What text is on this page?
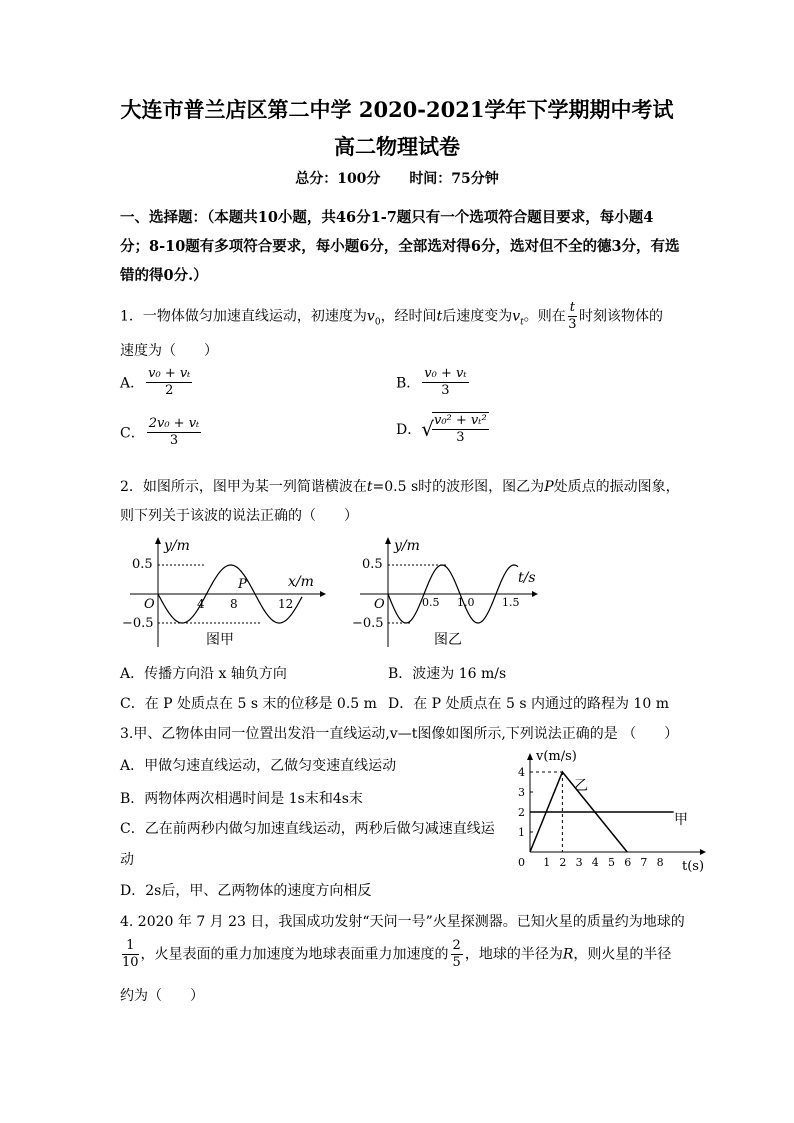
大连市普兰店区第二中学 2020-2021学年下学期期中考试
高二物理试卷
总分：100分 时间：75分钟
一、选择题：（本题共10小题，共46分1-7题只有一个选项符合题目要求，每小题4分；8-10题有多项符合要求，每小题6分，全部选对得6分，选对但不全的德3分，有选错的得0分.）
1．一物体做匀加速直线运动，初速度为$v_0$，经时间t后速度变为$v_t$。则在 $\frac{t}{3}$ 时刻该物体的
速度为（　　）
A． $\frac{\text{v₀ + vₜ}}{2}$	B． $\frac{\text{v₀ + vₜ}}{3}$
C． $\frac{\text{2v₀ + vₜ}}{3}$	D．√
$\frac{\text{v₀² + vₜ²}}{3}$
2．如图所示，图甲为某一列简谐横波在t=0.5 s时的波形图，图乙为P处质点的振动图象，
则下列关于该波的说法正确的（　　）
y/m
x/m
0.5
−0.5
O	4 8	12
P
图甲
y/m
t/s
0.5
−0.5
O	0.5 1.0	1.5
图乙
A．传播方向沿 x 轴负方向	B．波速为 16 m/s
C．在 P 处质点在 5 s 末的位移是 0.5 m D．在 P 处质点在 5 s 内通过的路程为 10 m
3.甲、乙物体由同一位置出发沿一直线运动,v—t图像如图所示,下列说法正确的是 （　　）
A．甲做匀速直线运动，乙做匀变速直线运动
B．两物体两次相遇时间是 1s末和4s末
C．乙在前两秒内做匀加速直线运动，两秒后做匀减速直线运
动
D．2s后，甲、乙两物体的速度方向相反
4
3
2
1
0 1 2 3 4 5 6 7 8
v(m/s)
t(s)
乙
甲
4. 2020 年 7 月 23 日，我国成功发射“天问一号”火星探测器。已知火星的质量约为地球的
$\frac{1}{10}$ ，火星表面的重力加速度为地球表面重力加速度的 $\frac{2}{5}$ ，地球的半径为R，则火星的半径
约为（　　）
